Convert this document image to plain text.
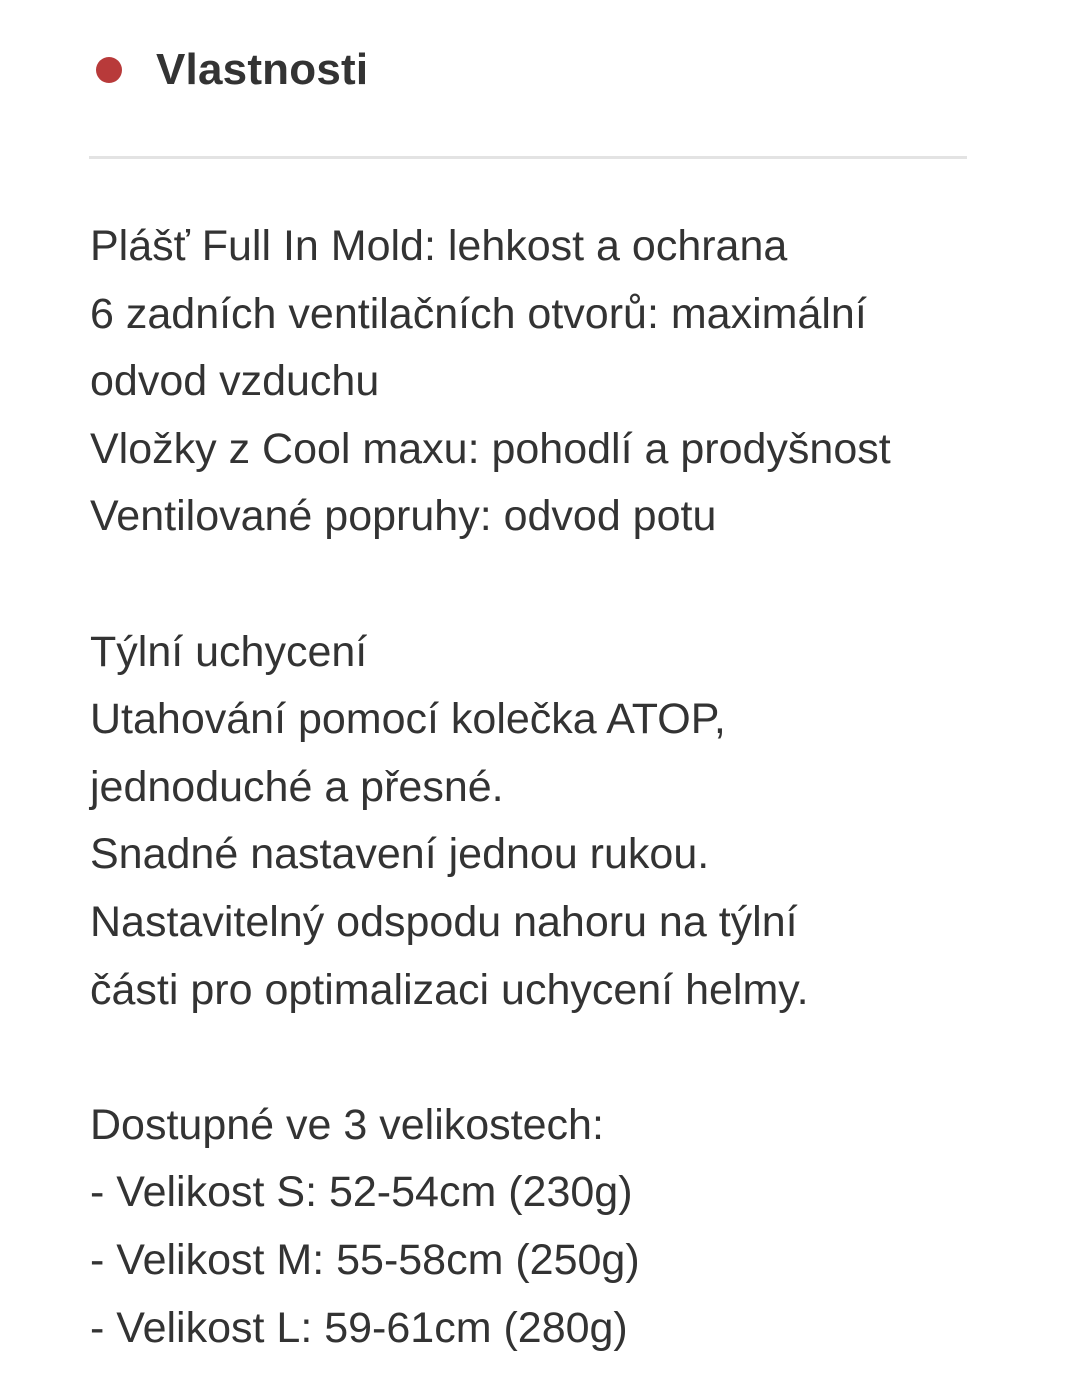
Vlastnosti
Plášť Full In Mold: lehkost a ochrana
6 zadních ventilačních otvorů: maximální
odvod vzduchu
Vložky z Cool maxu: pohodlí a prodyšnost
Ventilované popruhy: odvod potu
Týlní uchycení
Utahování pomocí kolečka ATOP,
jednoduché a přesné.
Snadné nastavení jednou rukou.
Nastavitelný odspodu nahoru na týlní
části pro optimalizaci uchycení helmy.
Dostupné ve 3 velikostech:
- Velikost S: 52-54cm (230g)
- Velikost M: 55-58cm (250g)
- Velikost L: 59-61cm (280g)
